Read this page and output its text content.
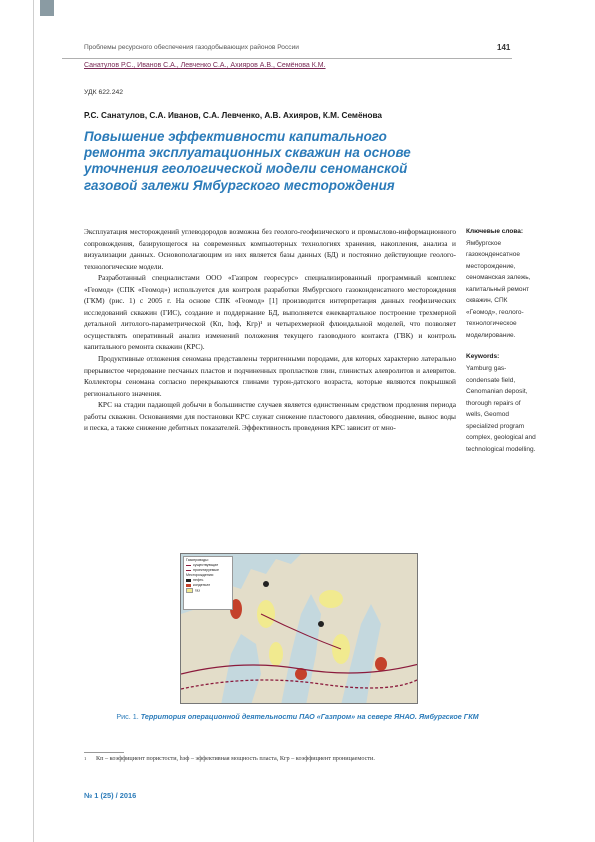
Проблемы ресурсного обеспечения газодобывающих районов России	141
Санатулов Р.С., Иванов С.А., Левченко С.А., Ахияров А.В., Семёнова К.М.
УДК 622.242
Р.С. Санатулов, С.А. Иванов, С.А. Левченко, А.В. Ахияров, К.М. Семёнова
Повышение эффективности капитального ремонта эксплуатационных скважин на основе уточнения геологической модели сеноманской газовой залежи Ямбургского месторождения

Эксплуатация месторождений углеводородов возможна без геолого-геофизического и промыслово-информационного сопровождения, базирующегося на современных компьютерных технологиях хранения, накопления, анализа и визуализации данных. Основополагающим из них является базы данных (БД) и постоянно действующие геолого-технологические модели.

Разработанный специалистами ООО «Газпром георесурс» специализированный программный комплекс «Геомод» (СПК «Геомод») используется для контроля разработки Ямбургского газоконденсатного месторождения (ГКМ) (рис. 1) с 2005 г. На основе СПК «Геомод» [1] производится интерпретация данных геофизических исследований скважин (ГИС), создание и поддержание БД, выполняется ежеквартальное построение трехмерной детальной литолого-параметрической (Кп, hэф, Кгр)¹ и четырехмерной флюидальной моделей, что позволяет осуществлять оперативный анализ изменений положения текущего газоводного контакта (ГВК) и контроль капитального ремонта скважин (КРС).

Продуктивные отложения сеномана представлены терригенными породами, для которых характерно латерально прерывистое чередование песчаных пластов и подчиненных пропластков глин, глинистых алевролитов и алевритов. Коллекторы сеномана согласно перекрываются глинами турон-датского возраста, которые являются покрышкой регионального значения.

КРС на стадии падающей добычи в большинстве случаев является единственным средством продления периода работы скважин. Основаниями для постановки КРС служат снижение пластового давления, обводнение, вынос воды и песка, а также снижение дебитных показателей. Эффективность проведения КРС зависит от мно-

Ключевые слова:
Ямбургское газоконденсатное месторождение, сеноманская залежь, капитальный ремонт скважин, СПК «Геомод», геолого-технологическое моделирование.
Keywords:
Yamburg gas-condensate field, Cenomanian deposit, thorough repairs of wells, Geomod specialized program complex, geological and technological modelling.
Газопроводы:
существующие
проектируемые
Месторождения:
нефть
конденсат
газ
Рис. 1. Территория операционной деятельности ПАО «Газпром» на севере ЯНАО. Ямбургское ГКМ
1 Кп – коэффициент пористости, hэф – эффективная мощность пласта, Кгр – коэффициент проницаемости.
№ 1 (25) / 2016
